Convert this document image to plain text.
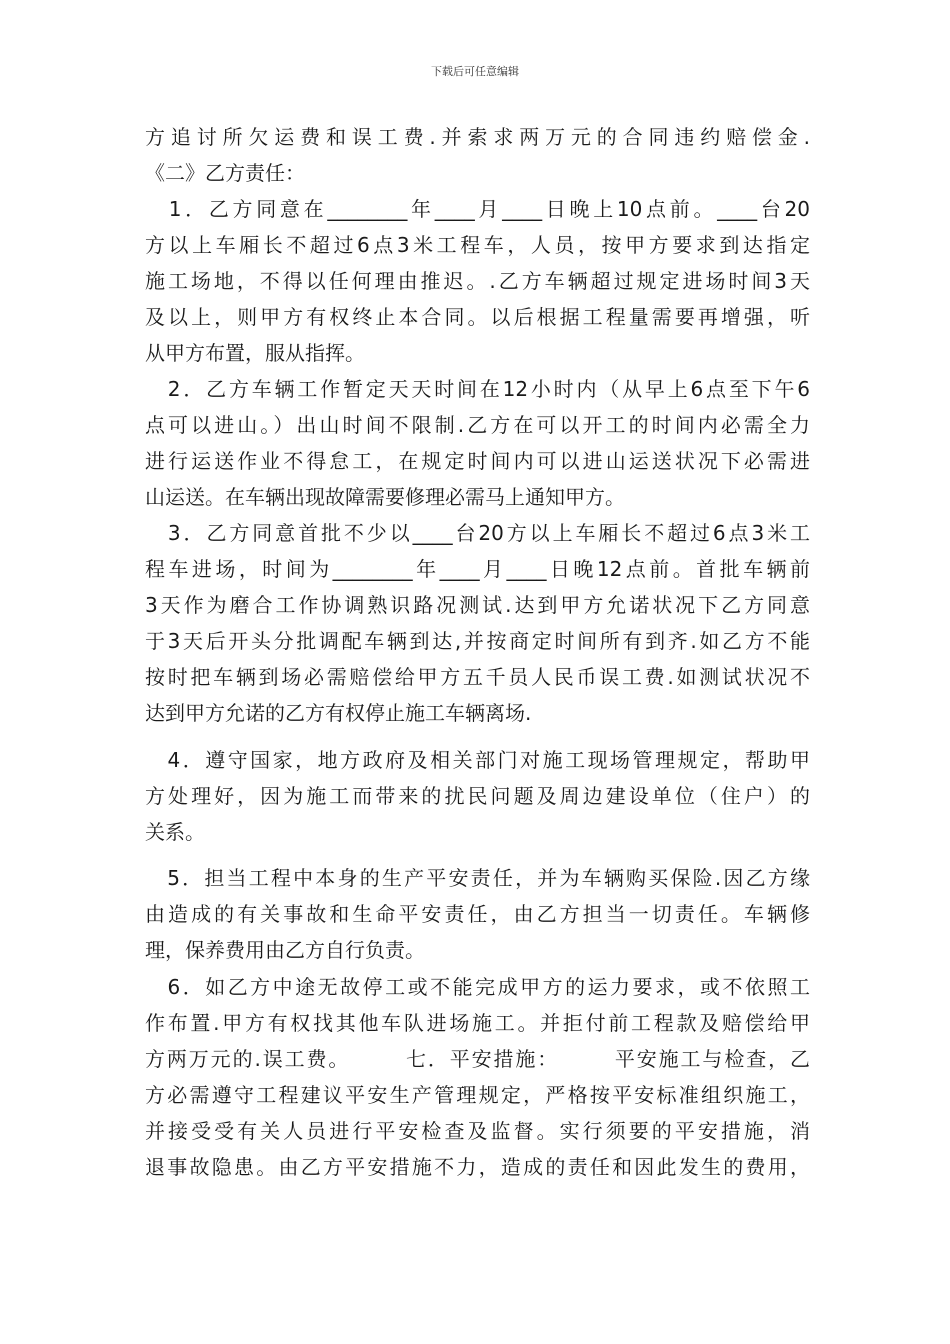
下载后可任意编辑
方追讨所欠运费和误工费.并索求两万元的合同违约赔偿金.
《二》乙方责任：
　1．乙方同意在________年____月____日晚上10点前。____台20
方以上车厢长不超过6点3米工程车，人员，按甲方要求到达指定
施工场地，不得以任何理由推迟。.乙方车辆超过规定进场时间3天
及以上，则甲方有权终止本合同。以后根据工程量需要再增强，听
从甲方布置，服从指挥。
　2．乙方车辆工作暂定天天时间在12小时内（从早上6点至下午6
点可以进山。）出山时间不限制.乙方在可以开工的时间内必需全力
进行运送作业不得怠工，在规定时间内可以进山运送状况下必需进
山运送。在车辆出现故障需要修理必需马上通知甲方。
　3．乙方同意首批不少以____台20方以上车厢长不超过6点3米工
程车进场，时间为________年____月____日晚12点前。首批车辆前
3天作为磨合工作协调熟识路况测试.达到甲方允诺状况下乙方同意
于3天后开头分批调配车辆到达,并按商定时间所有到齐.如乙方不能
按时把车辆到场必需赔偿给甲方五千员人民币误工费.如测试状况不
达到甲方允诺的乙方有权停止施工车辆离场.
　4．遵守国家，地方政府及相关部门对施工现场管理规定，帮助甲
方处理好，因为施工而带来的扰民问题及周边建设单位（住户）的
关系。
　5．担当工程中本身的生产平安责任，并为车辆购买保险.因乙方缘
由造成的有关事故和生命平安责任，由乙方担当一切责任。车辆修
理，保养费用由乙方自行负责。
　6．如乙方中途无故停工或不能完成甲方的运力要求，或不依照工
作布置.甲方有权找其他车队进场施工。并拒付前工程款及赔偿给甲
方两万元的.误工费。　　　七．平安措施：　　　平安施工与检查，乙
方必需遵守工程建议平安生产管理规定，严格按平安标准组织施工，
并接受受有关人员进行平安检查及监督。实行须要的平安措施，消
退事故隐患。由乙方平安措施不力，造成的责任和因此发生的费用，
